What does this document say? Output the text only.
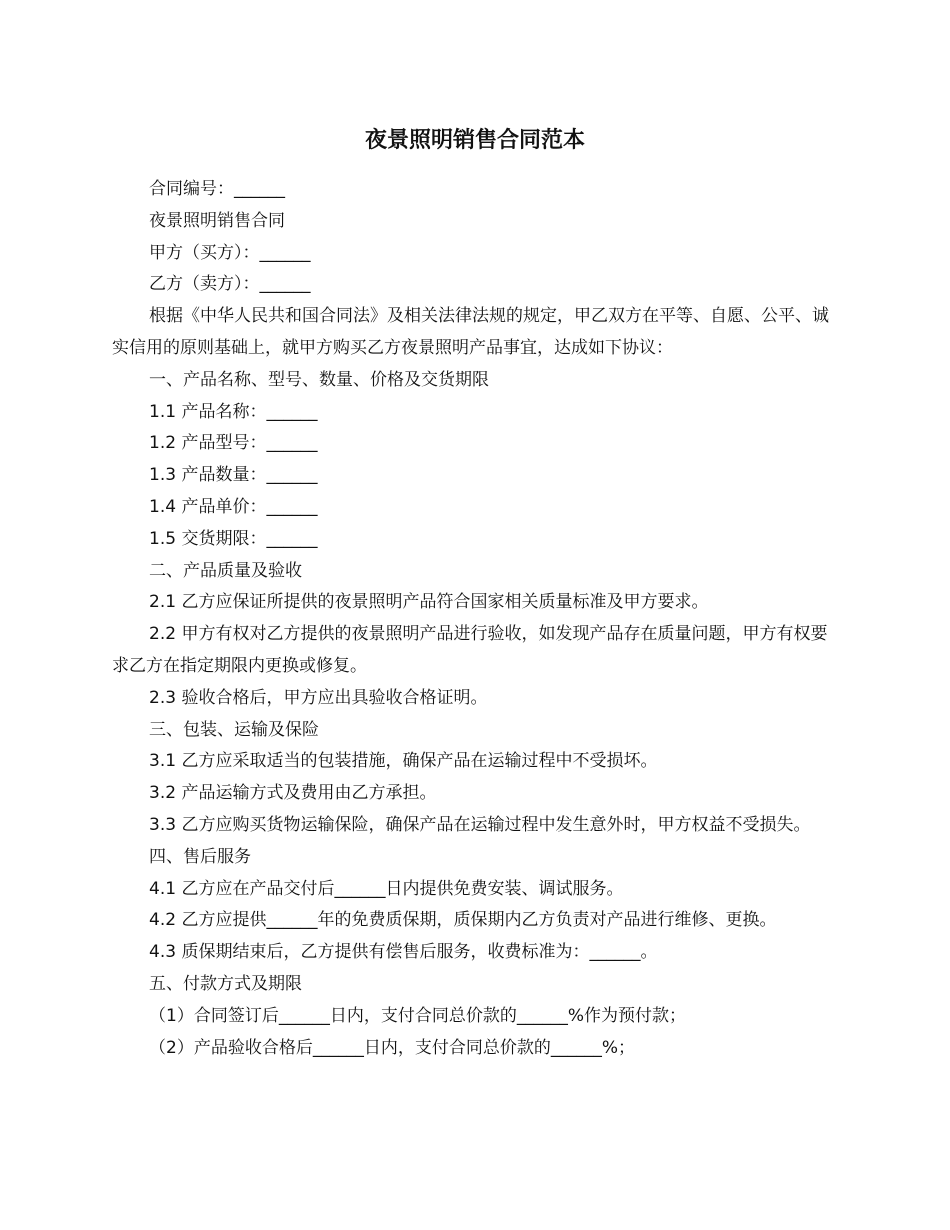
夜景照明销售合同范本

合同编号：______

夜景照明销售合同

甲方（买方）：______

乙方（卖方）：______

根据《中华人民共和国合同法》及相关法律法规的规定，甲乙双方在平等、自愿、公平、诚实信用的原则基础上，就甲方购买乙方夜景照明产品事宜，达成如下协议：

一、产品名称、型号、数量、价格及交货期限

1.1 产品名称：______

1.2 产品型号：______

1.3 产品数量：______

1.4 产品单价：______

1.5 交货期限：______

二、产品质量及验收

2.1 乙方应保证所提供的夜景照明产品符合国家相关质量标准及甲方要求。

2.2 甲方有权对乙方提供的夜景照明产品进行验收，如发现产品存在质量问题，甲方有权要求乙方在指定期限内更换或修复。

2.3 验收合格后，甲方应出具验收合格证明。

三、包装、运输及保险

3.1 乙方应采取适当的包装措施，确保产品在运输过程中不受损坏。

3.2 产品运输方式及费用由乙方承担。

3.3 乙方应购买货物运输保险，确保产品在运输过程中发生意外时，甲方权益不受损失。

四、售后服务

4.1 乙方应在产品交付后______日内提供免费安装、调试服务。

4.2 乙方应提供______年的免费质保期，质保期内乙方负责对产品进行维修、更换。

4.3 质保期结束后，乙方提供有偿售后服务，收费标准为：______。

五、付款方式及期限

（1）合同签订后______日内，支付合同总价款的______%作为预付款；

（2）产品验收合格后______日内，支付合同总价款的______%；
